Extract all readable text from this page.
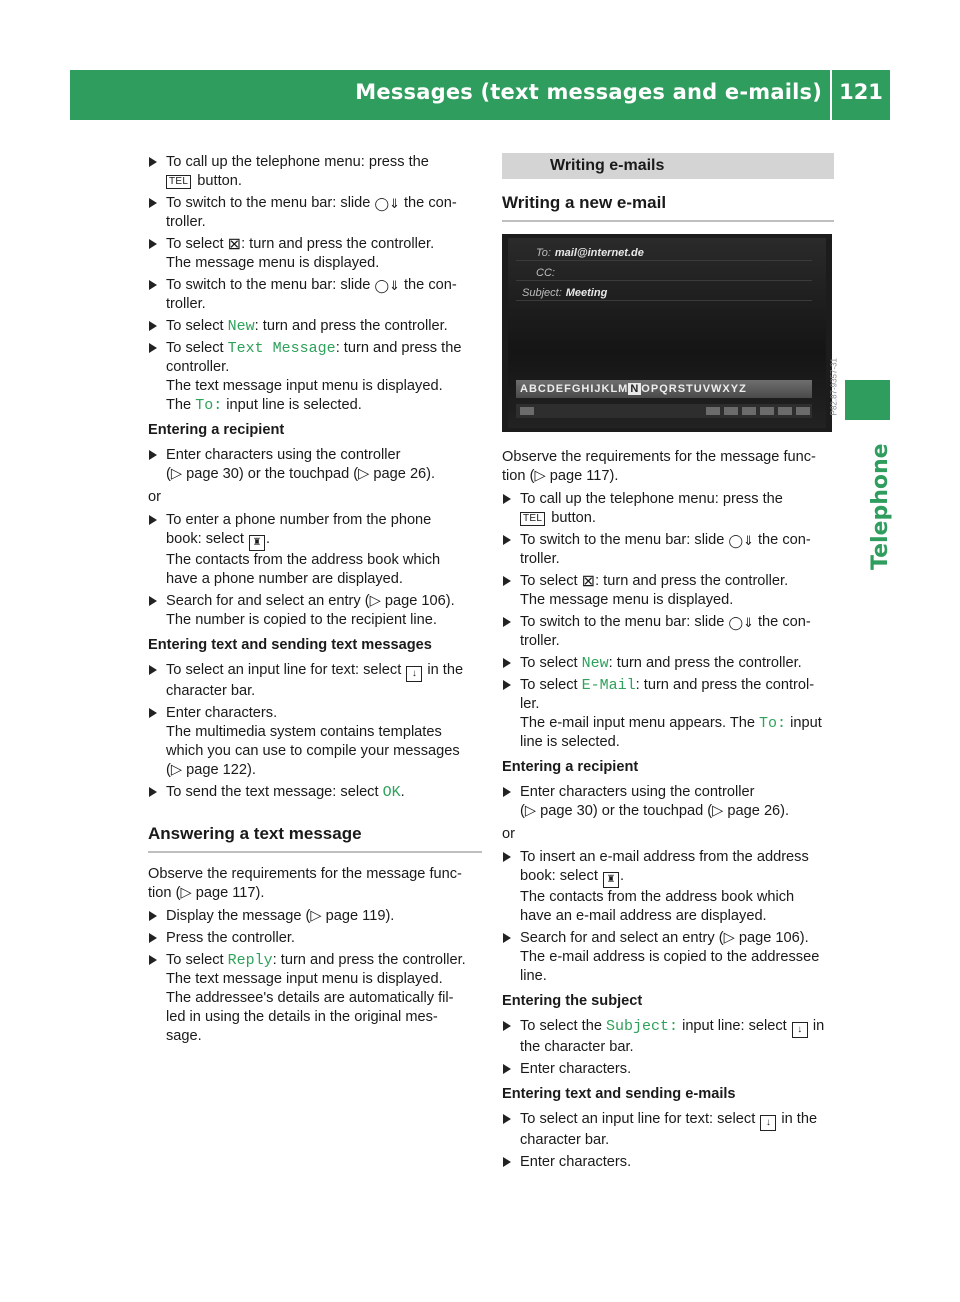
Messages (text messages and e-mails) 121
Telephone
To call up the telephone menu: press the
TEL button.
To switch to the menu bar: slide ◯⇓ the con-
troller.
To select ⊠: turn and press the controller.
The message menu is displayed.
To switch to the menu bar: slide ◯⇓ the con-
troller.
To select New: turn and press the controller.
To select Text Message: turn and press the
controller.
The text message input menu is displayed.
The To: input line is selected.
Entering a recipient
Enter characters using the controller
(▷ page 30) or the touchpad (▷ page 26).
or
To enter a phone number from the phone
book: select ♜ .
The contacts from the address book which
have a phone number are displayed.
Search for and select an entry (▷ page 106).
The number is copied to the recipient line.
Entering text and sending text messages
To select an input line for text: select ↓ in the
character bar.
Enter characters.
The multimedia system contains templates
which you can use to compile your messages
(▷ page 122).
To send the text message: select OK.
Answering a text message
Observe the requirements for the message func-
tion (▷ page 117).
Display the message (▷ page 119).
Press the controller.
To select Reply: turn and press the controller.
The text message input menu is displayed.
The addressee's details are automatically fil-
led in using the details in the original mes-
sage.
Writing e-mails
Writing a new e-mail
To: mail@internet.de
CC:
Subject: Meeting
ABCDEFGHIJKLM N OPQRSTUVWXYZ	P82.87-9357-31
Observe the requirements for the message func-
tion (▷ page 117).
To call up the telephone menu: press the
TEL button.
To switch to the menu bar: slide ◯⇓ the con-
troller.
To select ⊠: turn and press the controller.
The message menu is displayed.
To switch to the menu bar: slide ◯⇓ the con-
troller.
To select New: turn and press the controller.
To select E-Mail: turn and press the control-
ler.
The e-mail input menu appears. The To: input
line is selected.
Entering a recipient
Enter characters using the controller
(▷ page 30) or the touchpad (▷ page 26).
or
To insert an e-mail address from the address
book: select ♜ .
The contacts from the address book which
have an e-mail address are displayed.
Search for and select an entry (▷ page 106).
The e-mail address is copied to the addressee
line.
Entering the subject
To select the Subject: input line: select ↓ in
the character bar.
Enter characters.
Entering text and sending e-mails
To select an input line for text: select ↓ in the
character bar.
Enter characters.
